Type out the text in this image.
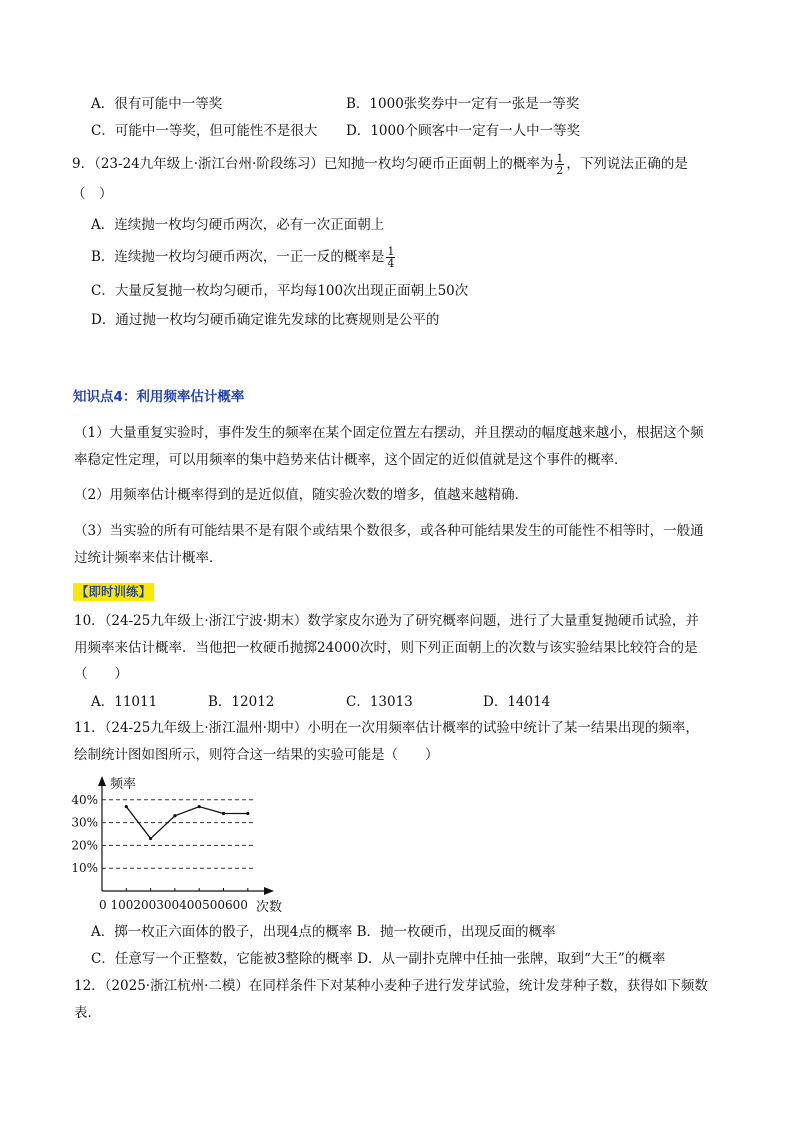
A．很有可能中一等奖	B．1000张奖券中一定有一张是一等奖
C．可能中一等奖，但可能性不是很大 D．1000个顾客中一定有一人中一等奖
9．（23-24九年级上·浙江台州·阶段练习）已知抛一枚均匀硬币正面朝上的概率为 $\frac{1}{2}$ ，下列说法正确的是
（　）
A．连续抛一枚均匀硬币两次，必有一次正面朝上
B．连续抛一枚均匀硬币两次，一正一反的概率是 $\frac{1}{4}$
C．大量反复抛一枚均匀硬币，平均每100次出现正面朝上50次
D．通过抛一枚均匀硬币确定谁先发球的比赛规则是公平的
知识点4：利用频率估计概率
（1）大量重复实验时，事件发生的频率在某个固定位置左右摆动，并且摆动的幅度越来越小，根据这个频
率稳定性定理，可以用频率的集中趋势来估计概率，这个固定的近似值就是这个事件的概率．
（2）用频率估计概率得到的是近似值，随实验次数的增多，值越来越精确．
（3）当实验的所有可能结果不是有限个或结果个数很多，或各种可能结果发生的可能性不相等时，一般通
过统计频率来估计概率．
【即时训练】
10．（24-25九年级上·浙江宁波·期末）数学家皮尔逊为了研究概率问题，进行了大量重复抛硬币试验，并
用频率来估计概率．当他把一枚硬币抛掷24000次时，则下列正面朝上的次数与该实验结果比较符合的是
（　　）
A．11011	B．12012	C．13013	D．14014
11．（24-25九年级上·浙江温州·期中）小明在一次用频率估计概率的试验中统计了某一结果出现的频率，
绘制统计图如图所示，则符合这一结果的实验可能是（　　）
10%
20%
30%
40%
频率
0 100200300400500600 次数
A．掷一枚正六面体的骰子，出现4点的概率 B．抛一枚硬币，出现反面的概率
C．任意写一个正整数，它能被3整除的概率 D．从一副扑克牌中任抽一张牌，取到“大王”的概率
12．（2025·浙江杭州·二模）在同样条件下对某种小麦种子进行发芽试验，统计发芽种子数，获得如下频数
表．
